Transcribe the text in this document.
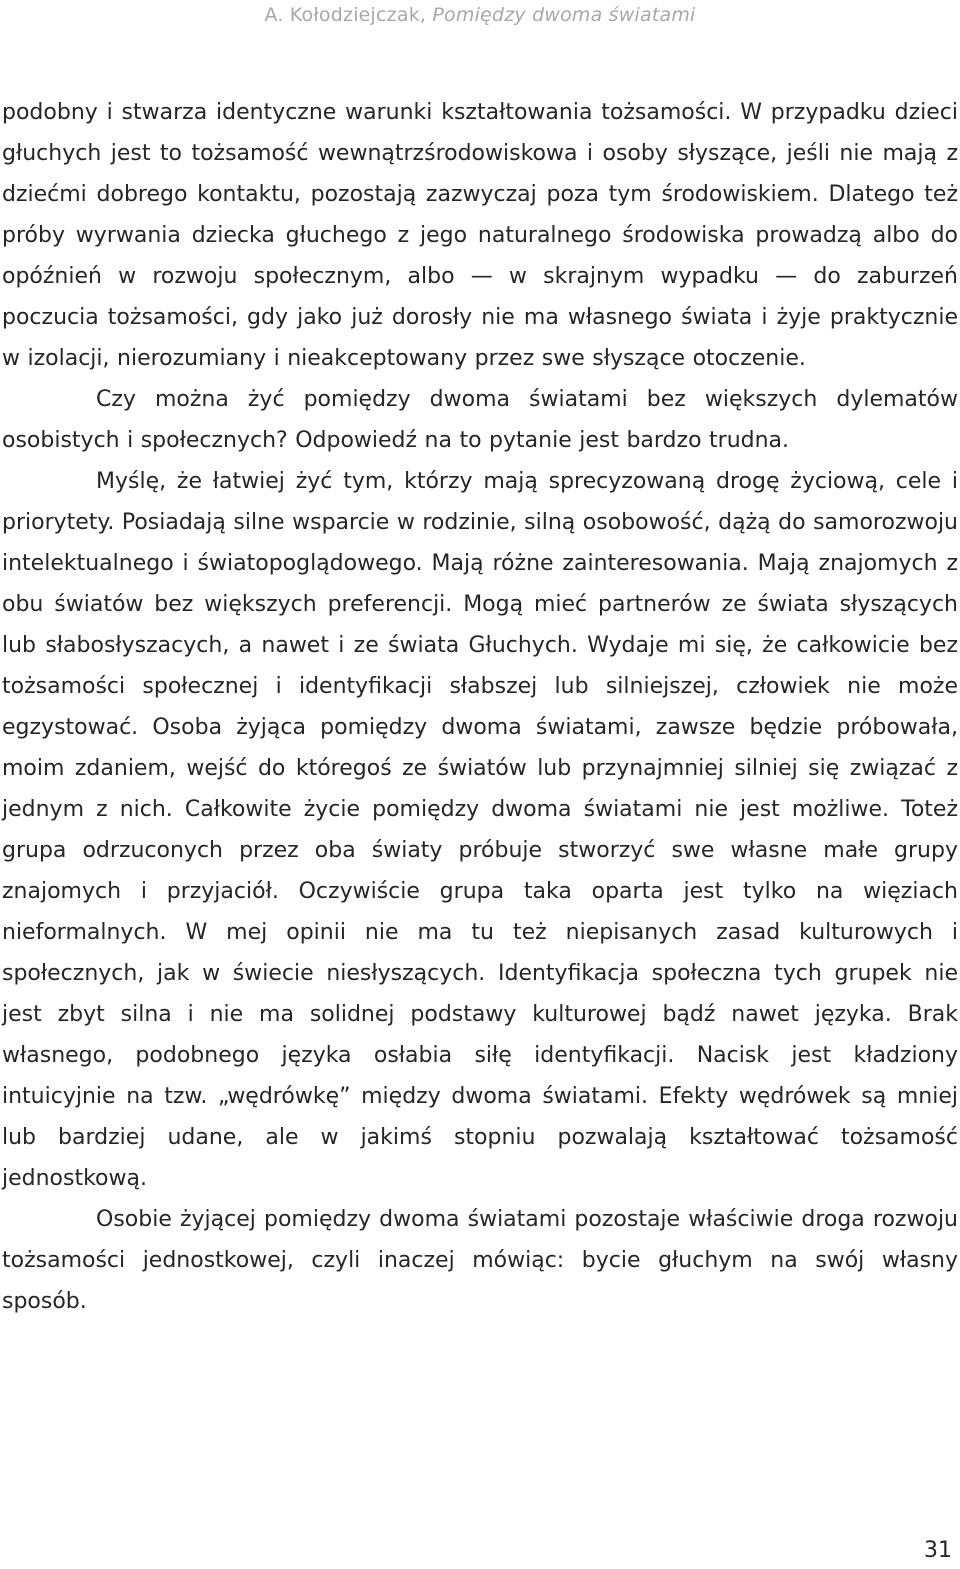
A. Kołodziejczak, Pomiędzy dwoma światami

podobny i stwarza identyczne warunki kształtowania tożsamości. W przypadku dzieci głuchych jest to tożsamość wewnątrzśrodowiskowa i osoby słyszące, jeśli nie mają z dziećmi dobrego kontaktu, pozostają zazwyczaj poza tym środowiskiem. Dlatego też próby wyrwania dziecka głuchego z jego naturalnego środowiska prowadzą albo do opóźnień w rozwoju społecznym, albo — w skrajnym wypadku — do zaburzeń poczucia tożsamości, gdy jako już dorosły nie ma własnego świata i żyje praktycznie w izolacji, nierozumiany i nieakceptowany przez swe słyszące otoczenie.

Czy można żyć pomiędzy dwoma światami bez większych dylematów osobistych i społecznych? Odpowiedź na to pytanie jest bardzo trudna.

Myślę, że łatwiej żyć tym, którzy mają sprecyzowaną drogę życiową, cele i priorytety. Posiadają silne wsparcie w rodzinie, silną osobowość, dążą do samorozwoju intelektualnego i światopoglądowego. Mają różne zainteresowania. Mają znajomych z obu światów bez większych preferencji. Mogą mieć partnerów ze świata słyszących lub słabosłyszacych, a nawet i ze świata Głuchych. Wydaje mi się, że całkowicie bez tożsamości społecznej i identyfikacji słabszej lub silniejszej, człowiek nie może egzystować. Osoba żyjąca pomiędzy dwoma światami, zawsze będzie próbowała, moim zdaniem, wejść do któregoś ze światów lub przynajmniej silniej się związać z jednym z nich. Całkowite życie pomiędzy dwoma światami nie jest możliwe. Toteż grupa odrzuconych przez oba światy próbuje stworzyć swe własne małe grupy znajomych i przyjaciół. Oczywiście grupa taka oparta jest tylko na więziach nieformalnych. W mej opinii nie ma tu też niepisanych zasad kulturowych i społecznych, jak w świecie niesłyszących. Identyfikacja społeczna tych grupek nie jest zbyt silna i nie ma solidnej podstawy kulturowej bądź nawet języka. Brak własnego, podobnego języka osłabia siłę identyfikacji. Nacisk jest kładziony intuicyjnie na tzw. „wędrówkę” między dwoma światami. Efekty wędrówek są mniej lub bardziej udane, ale w jakimś stopniu pozwalają kształtować tożsamość jednostkową.

Osobie żyjącej pomiędzy dwoma światami pozostaje właściwie droga rozwoju tożsamości jednostkowej, czyli inaczej mówiąc: bycie głuchym na swój własny sposób.

31
